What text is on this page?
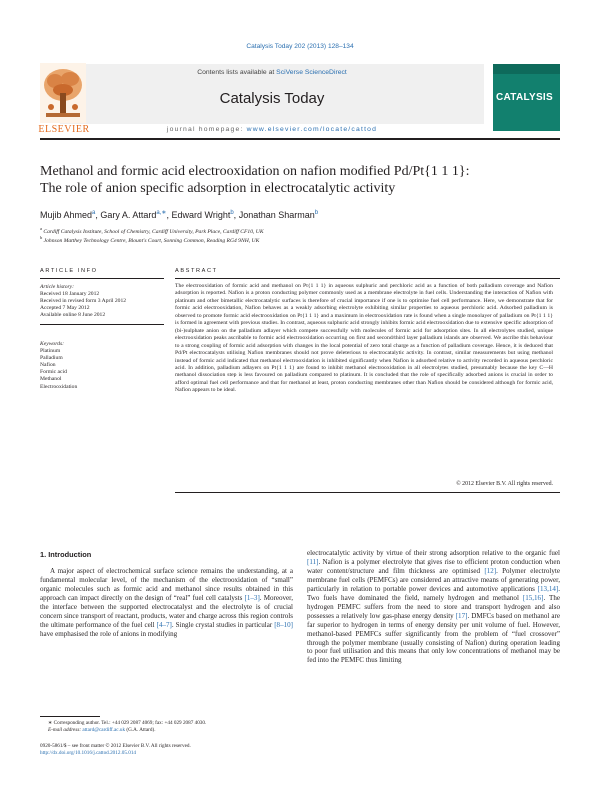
Catalysis Today 202 (2013) 128–134
Contents lists available at SciVerse ScienceDirect
Catalysis Today
journal homepage: www.elsevier.com/locate/cattod
ELSEVIER
CATALYSIS
Methanol and formic acid electrooxidation on nafion modified Pd/Pt{1 1 1}:
The role of anion specific adsorption in electrocatalytic activity
Mujib Ahmed$^a$, Gary A. Attard$^{a,∗}$, Edward Wright$^b$, Jonathan Sharman$^b$
$^a$ Cardiff Catalysis Institute, School of Chemistry, Cardiff University, Park Place, Cardiff CF10, UK
$^b$ Johnson Matthey Technology Centre, Blount's Court, Sonning Common, Reading RG4 9NH, UK
ARTICLE INFO	ABSTRACT
Article history:
Received 18 January 2012
Received in revised form 3 April 2012
Accepted 7 May 2012
Available online 8 June 2012
Keywords:
Platinum
Palladium
Nafion
Formic acid
Methanol
Electrooxidation
The electrooxidation of formic acid and methanol on Pt{1 1 1} in aqueous sulphuric and perchloric acid as a function of both palladium coverage and Nafion adsorption is reported. Nafion is a proton conducting polymer commonly used as a membrane electrolyte in fuel cells. Understanding the interaction of Nafion with platinum and other bimetallic electrocatalytic surfaces is therefore of crucial importance if one is to optimise fuel cell performance. Here, we demonstrate that for formic acid electrooxidation, Nafion behaves as a weakly adsorbing electrolyte exhibiting similar properties to aqueous perchloric acid. Adsorbed palladium is observed to promote formic acid electrooxidation on Pt{1 1 1} and a maximum in electrooxidation rate is found when a single monolayer of palladium on Pt{1 1 1} is formed in agreement with previous studies. In contrast, aqueous sulphuric acid strongly inhibits formic acid electrooxidation due to extensive specific adsorption of (bi-)sulphate anion on the palladium adlayer which compete successfully with molecules of formic acid for adsorption sites. In all electrolytes studied, unique electrooxidation peaks ascribable to formic acid electrooxidation occurring on first and second/third layer palladium islands are observed. We ascribe this behaviour to a strong coupling of formic acid adsorption with changes in the local potential of zero total charge as a function of palladium coverage. Hence, it is deduced that Pd/Pt electrocatalysts utilising Nafion membranes should not prove deleterious to electrocatalytic activity. In contrast, similar measurements but using methanol instead of formic acid indicated that methanol electrooxidation is inhibited significantly when Nafion is adsorbed relative to activity recorded in aqueous perchloric acid. In addition, palladium adlayers on Pt{1 1 1} are found to inhibit methanol electrooxidation in all electrolytes studied, presumably because the key C—H methanol dissociation step is less favoured on palladium compared to platinum. It is concluded that the role of specifically adsorbed anions is crucial in order to afford optimal fuel cell performance and that for methanol at least, proton conducting membranes other than Nafion should be considered although for formic acid, Nafion appears to be ideal.
© 2012 Elsevier B.V. All rights reserved.
1. Introduction
A major aspect of electrochemical surface science remains the understanding, at a fundamental molecular level, of the mechanism of the electrooxidation of “small” organic molecules such as formic acid and methanol since results obtained in this approach can impact directly on the design of “real” fuel cell catalysts [1–3]. Moreover, the interface between the supported electrocatalyst and the electrolyte is of crucial concern since transport of reactant, products, water and charge across this region controls the ultimate performance of the fuel cell [4–7]. Single crystal studies in particular [8–10] have emphasised the role of anions in modifying
electrocatalytic activity by virtue of their strong adsorption relative to the organic fuel [11]. Nafion is a polymer electrolyte that gives rise to efficient proton conduction when water content/structure and film thickness are optimised [12]. Polymer electrolyte membrane fuel cells (PEMFCs) are considered an attractive means of generating power, particularly in relation to portable power devices and automotive applications [13,14]. Two fuels have dominated the field, namely hydrogen and methanol [15,16]. The hydrogen PEMFC suffers from the need to store and transport hydrogen and also possesses a relatively low gas-phase energy density [17]. DMFCs based on methanol are far superior to hydrogen in terms of energy density per unit volume of fuel. However, methanol-based PEMFCs suffer significantly from the problem of “fuel crossover” through the polymer membrane (usually consisting of Nafion) during operation leading to poor fuel utilisation and this means that only low concentrations of methanol may be fed into the PEMFC thus limiting
∗ Corresponding author. Tel.: +44 029 2087 4069; fax: +44 029 2087 4030.
E-mail address: attard@cardiff.ac.uk (G.A. Attard).
0920-5861/$ – see front matter © 2012 Elsevier B.V. All rights reserved.
http://dx.doi.org/10.1016/j.cattod.2012.05.014
